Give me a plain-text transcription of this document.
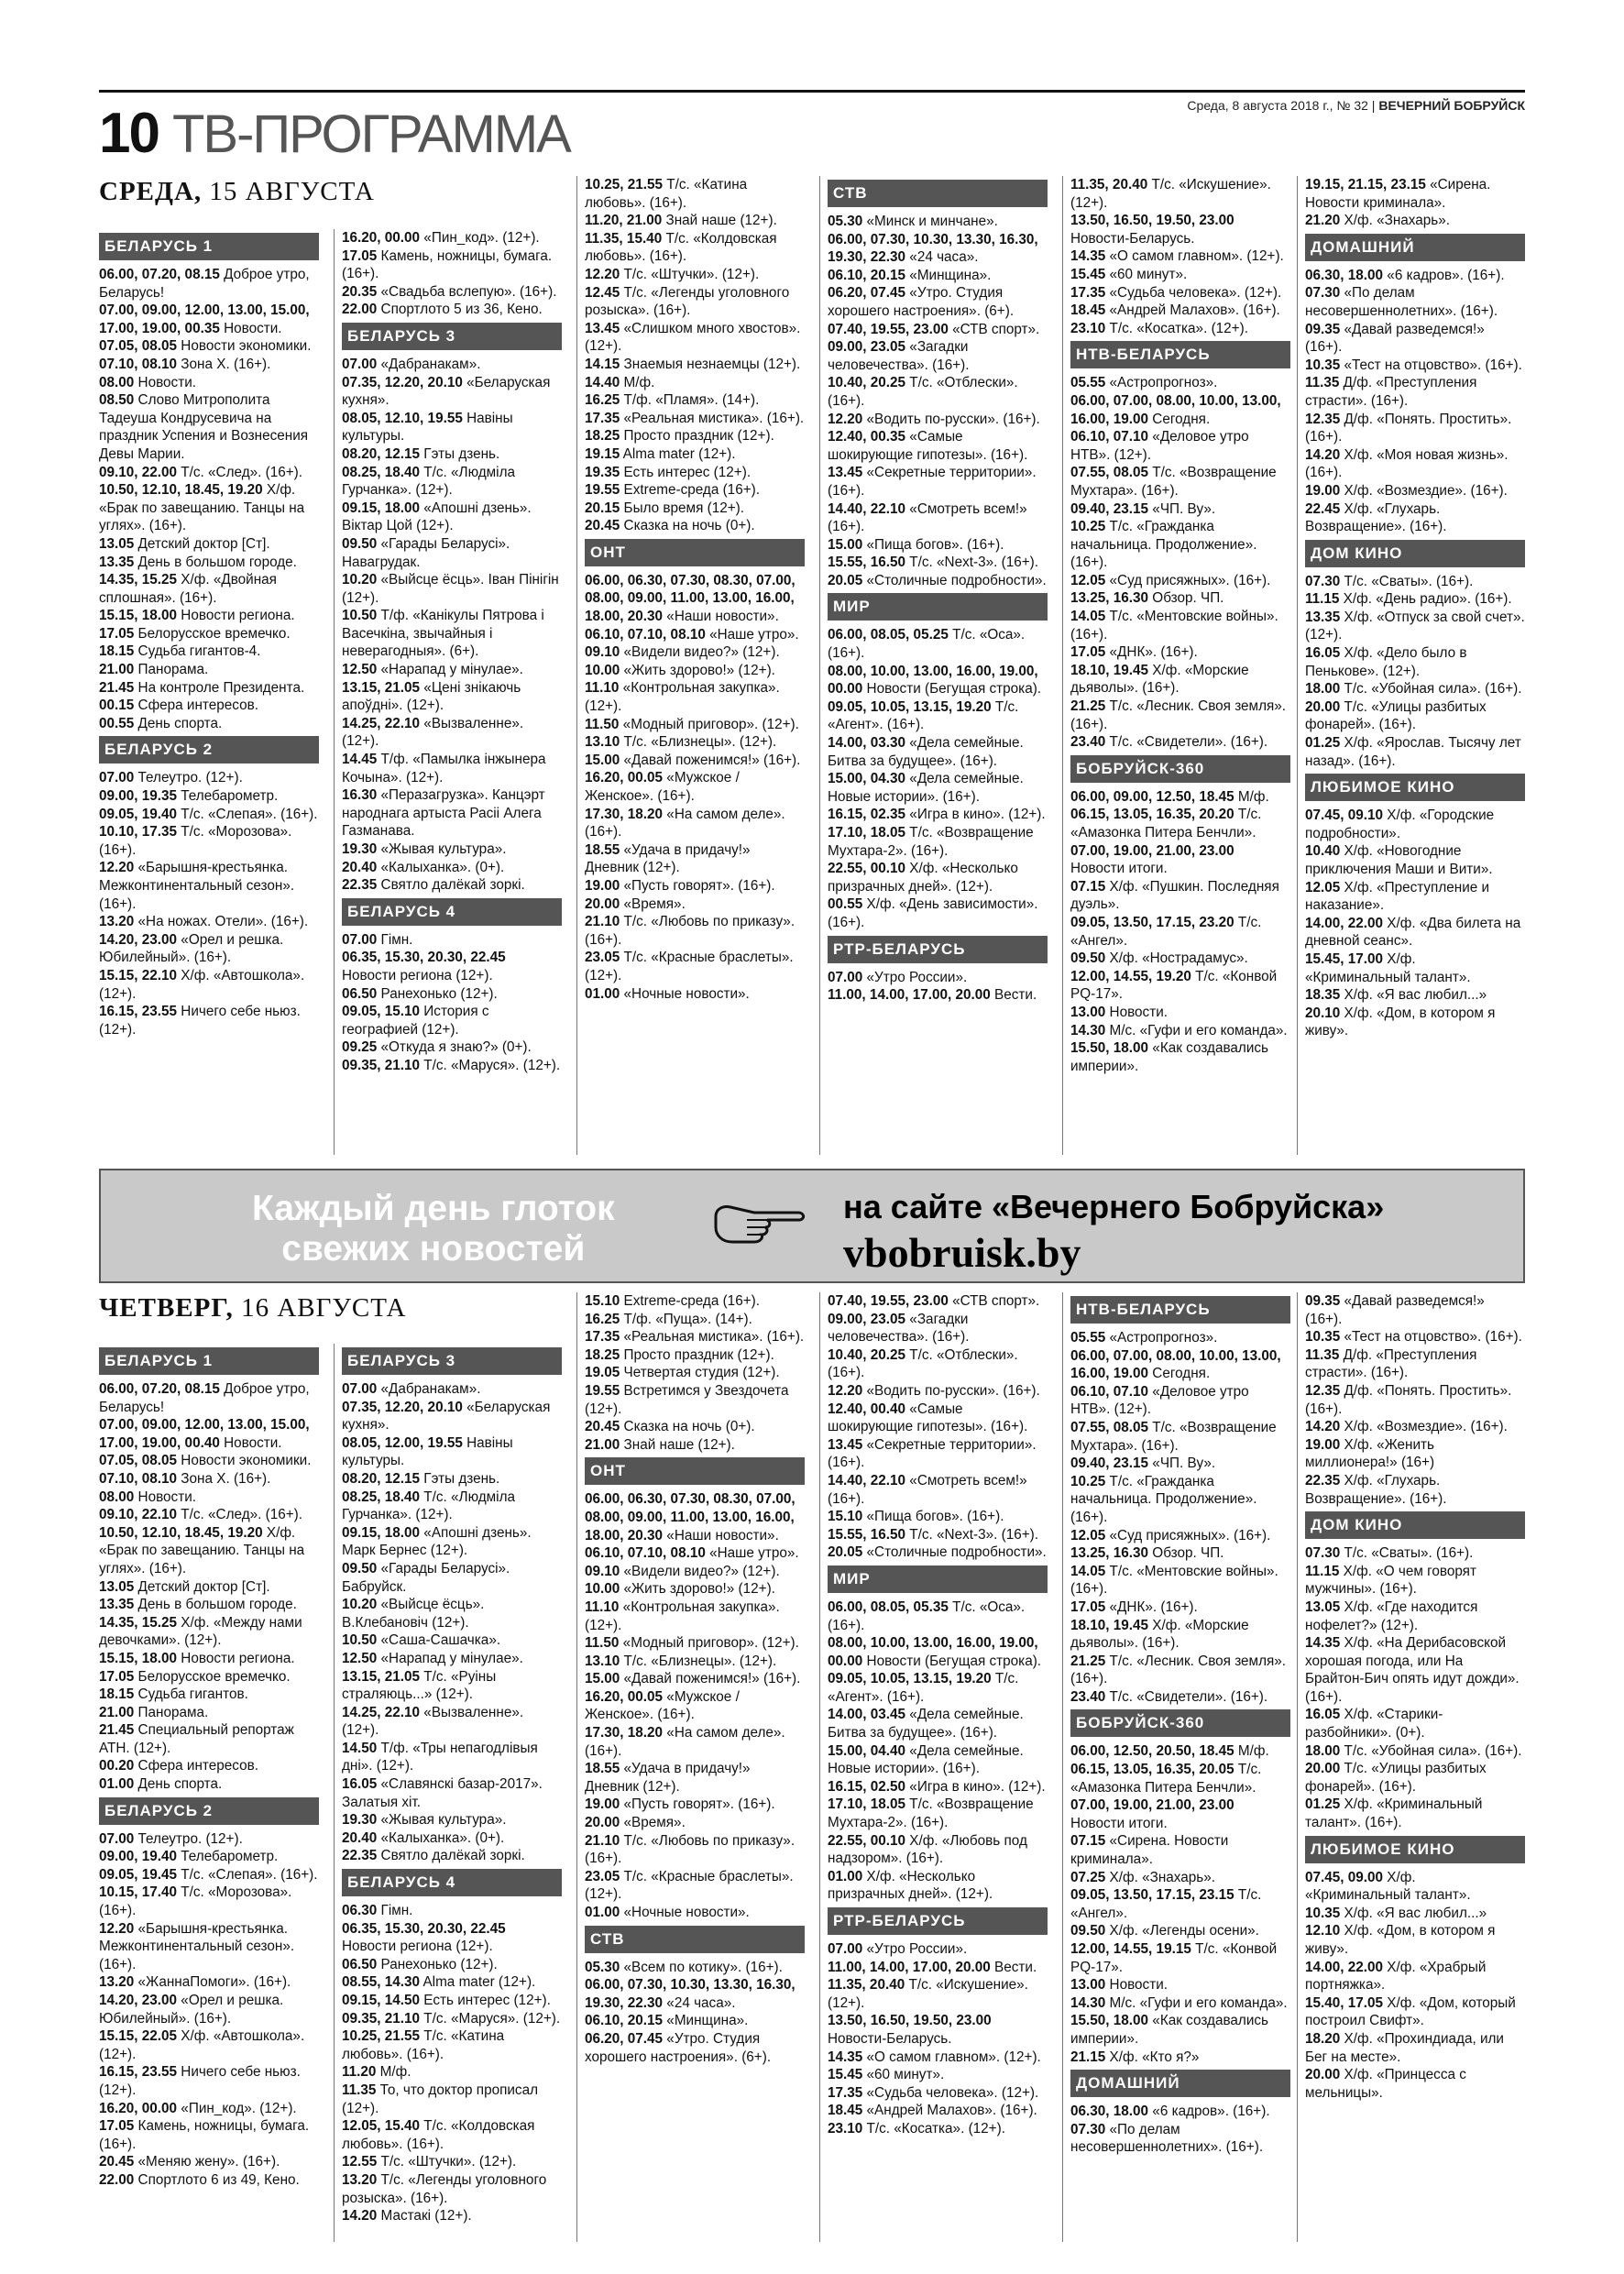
10 ТВ-ПРОГРАММА	Среда, 8 августа 2018 г., № 32 | ВЕЧЕРНИЙ БОБРУЙСК
СРЕДА, 15 АВГУСТА
ЧЕТВЕРГ, 16 АВГУСТА
БЕЛАРУСЬ 1
06.00, 07.20, 08.15 Доброе утро, Беларусь!
07.00, 09.00, 12.00, 13.00, 15.00, 17.00, 19.00, 00.35 Новости.
07.05, 08.05 Новости экономики.
07.10, 08.10 Зона Х. (16+).
08.00 Новости.
08.50 Слово Митрополита Тадеуша Кондрусевича на праздник Успения и Вознесения Девы Марии.
09.10, 22.00 Т/с. «След». (16+).
10.50, 12.10, 18.45, 19.20 Х/ф. «Брак по завещанию. Танцы на углях». (16+).
13.05 Детский доктор [Ст].
13.35 День в большом городе.
14.35, 15.25 Х/ф. «Двойная сплошная». (16+).
15.15, 18.00 Новости региона.
17.05 Белорусское времечко.
18.15 Судьба гигантов-4.
21.00 Панорама.
21.45 На контроле Президента.
00.15 Сфера интересов.
00.55 День спорта.
БЕЛАРУСЬ 2
07.00 Телеутро. (12+).
09.00, 19.35 Телебарометр.
09.05, 19.40 Т/с. «Слепая». (16+).
10.10, 17.35 Т/с. «Морозова». (16+).
12.20 «Барышня-крестьянка. Межконтинентальный сезон». (16+).
13.20 «На ножах. Отели». (16+).
14.20, 23.00 «Орел и решка. Юбилейный». (16+).
15.15, 22.10 Х/ф. «Автошкола». (12+).
16.15, 23.55 Ничего себе ньюз. (12+).
16.20, 00.00 «Пин_код». (12+).
17.05 Камень, ножницы, бумага. (16+).
20.35 «Свадьба вслепую». (16+).
22.00 Спортлото 5 из 36, Кено.
БЕЛАРУСЬ 3
07.00 «Дабранакам».
07.35, 12.20, 20.10 «Беларуская кухня».
08.05, 12.10, 19.55 Навіны культуры.
08.20, 12.15 Гэты дзень.
08.25, 18.40 Т/с. «Людміла Гурчанка». (12+).
09.15, 18.00 «Апошні дзень». Віктар Цой (12+).
09.50 «Гарады Беларусі». Навагрудак.
10.20 «Выйсце ёсць». Іван Пінігін (12+).
10.50 Т/ф. «Канікулы Пятрова і Васечкіна, звычайныя і неверагодныя». (6+).
12.50 «Нарапад у мінулае».
13.15, 21.05 «Цені знікаючь апоўдні». (12+).
14.25, 22.10 «Вызваленне». (12+).
14.45 Т/ф. «Памылка інжынера Кочына». (12+).
16.30 «Перазагрузка». Канцэрт народнага артыста Расіі Алега Газманава.
19.30 «Жывая культура».
20.40 «Калыханка». (0+).
22.35 Святло далёкай зоркі.
БЕЛАРУСЬ 4
07.00 Гімн.
06.35, 15.30, 20.30, 22.45 Новости региона (12+).
06.50 Ранехонько (12+).
09.05, 15.10 История с географией (12+).
09.25 «Откуда я знаю?» (0+).
09.35, 21.10 Т/с. «Маруся». (12+).
10.25, 21.55 Т/с. «Катина любовь». (16+).
11.20, 21.00 Знай наше (12+).
11.35, 15.40 Т/с. «Колдовская любовь». (16+).
12.20 Т/с. «Штучки». (12+).
12.45 Т/с. «Легенды уголовного розыска». (16+).
13.45 «Слишком много хвостов». (12+).
14.15 Знаемыя незнаемцы (12+).
14.40 М/ф.
16.25 Т/ф. «Пламя». (14+).
17.35 «Реальная мистика». (16+).
18.25 Просто праздник (12+).
19.15 Alma mater (12+).
19.35 Есть интерес (12+).
19.55 Extreme-среда (16+).
20.15 Было время (12+).
20.45 Сказка на ночь (0+).
ОНТ
06.00, 06.30, 07.30, 08.30, 07.00, 08.00, 09.00, 11.00, 13.00, 16.00, 18.00, 20.30 «Наши новости».
06.10, 07.10, 08.10 «Наше утро».
09.10 «Видели видео?» (12+).
10.00 «Жить здорово!» (12+).
11.10 «Контрольная закупка». (12+).
11.50 «Модный приговор». (12+).
13.10 Т/с. «Близнецы». (12+).
15.00 «Давай поженимся!» (16+).
16.20, 00.05 «Мужское / Женское». (16+).
17.30, 18.20 «На самом деле». (16+).
18.55 «Удача в придачу!» Дневник (12+).
19.00 «Пусть говорят». (16+).
20.00 «Время».
21.10 Т/с. «Любовь по приказу». (16+).
23.05 Т/с. «Красные браслеты». (12+).
01.00 «Ночные новости».
СТВ
05.30 «Минск и минчане».
06.00, 07.30, 10.30, 13.30, 16.30, 19.30, 22.30 «24 часа».
06.10, 20.15 «Минщина».
06.20, 07.45 «Утро. Студия хорошего настроения». (6+).
07.40, 19.55, 23.00 «СТВ спорт».
09.00, 23.05 «Загадки человечества». (16+).
10.40, 20.25 Т/с. «Отблески». (16+).
12.20 «Водить по-русски». (16+).
12.40, 00.35 «Самые шокирующие гипотезы». (16+).
13.45 «Секретные территории». (16+).
14.40, 22.10 «Смотреть всем!» (16+).
15.00 «Пища богов». (16+).
15.55, 16.50 Т/с. «Next-3». (16+).
20.05 «Столичные подробности».
МИР
06.00, 08.05, 05.25 Т/с. «Оса». (16+).
08.00, 10.00, 13.00, 16.00, 19.00, 00.00 Новости (Бегущая строка).
09.05, 10.05, 13.15, 19.20 Т/с. «Агент». (16+).
14.00, 03.30 «Дела семейные. Битва за будущее». (16+).
15.00, 04.30 «Дела семейные. Новые истории». (16+).
16.15, 02.35 «Игра в кино». (12+).
17.10, 18.05 Т/с. «Возвращение Мухтара-2». (16+).
22.55, 00.10 Х/ф. «Несколько призрачных дней». (12+).
00.55 Х/ф. «День зависимости». (16+).
РТР-БЕЛАРУСЬ
07.00 «Утро России».
11.00, 14.00, 17.00, 20.00 Вести.
11.35, 20.40 Т/с. «Искушение». (12+).
13.50, 16.50, 19.50, 23.00 Новости-Беларусь.
14.35 «О самом главном». (12+).
15.45 «60 минут».
17.35 «Судьба человека». (12+).
18.45 «Андрей Малахов». (16+).
23.10 Т/с. «Косатка». (12+).
НТВ-БЕЛАРУСЬ
05.55 «Астропрогноз».
06.00, 07.00, 08.00, 10.00, 13.00, 16.00, 19.00 Сегодня.
06.10, 07.10 «Деловое утро НТВ». (12+).
07.55, 08.05 Т/с. «Возвращение Мухтара». (16+).
09.40, 23.15 «ЧП. Ву».
10.25 Т/с. «Гражданка начальница. Продолжение». (16+).
12.05 «Суд присяжных». (16+).
13.25, 16.30 Обзор. ЧП.
14.05 Т/с. «Ментовские войны». (16+).
17.05 «ДНК». (16+).
18.10, 19.45 Х/ф. «Морские дьяволы». (16+).
21.25 Т/с. «Лесник. Своя земля». (16+).
23.40 Т/с. «Свидетели». (16+).
БОБРУЙСК-360
06.00, 09.00, 12.50, 18.45 М/ф.
06.15, 13.05, 16.35, 20.20 Т/с. «Амазонка Питера Бенчли».
07.00, 19.00, 21.00, 23.00 Новости итоги.
07.15 Х/ф. «Пушкин. Последняя дуэль».
09.05, 13.50, 17.15, 23.20 Т/с. «Ангел».
09.50 Х/ф. «Нострадамус».
12.00, 14.55, 19.20 Т/с. «Конвой PQ-17».
13.00 Новости.
14.30 М/с. «Гуфи и его команда».
15.50, 18.00 «Как создавались империи».
19.15, 21.15, 23.15 «Сирена. Новости криминала».
21.20 Х/ф. «Знахарь».
ДОМАШНИЙ
06.30, 18.00 «6 кадров». (16+).
07.30 «По делам несовершеннолетних». (16+).
09.35 «Давай разведемся!» (16+).
10.35 «Тест на отцовство». (16+).
11.35 Д/ф. «Преступления страсти». (16+).
12.35 Д/ф. «Понять. Простить». (16+).
14.20 Х/ф. «Моя новая жизнь». (16+).
19.00 Х/ф. «Возмездие». (16+).
22.45 Х/ф. «Глухарь. Возвращение». (16+).
ДОМ КИНО
07.30 Т/с. «Сваты». (16+).
11.15 Х/ф. «День радио». (16+).
13.35 Х/ф. «Отпуск за свой счет». (12+).
16.05 Х/ф. «Дело было в Пенькове». (12+).
18.00 Т/с. «Убойная сила». (16+).
20.00 Т/с. «Улицы разбитых фонарей». (16+).
01.25 Х/ф. «Ярослав. Тысячу лет назад». (16+).
ЛЮБИМОЕ КИНО
07.45, 09.10 Х/ф. «Городские подробности».
10.40 Х/ф. «Новогодние приключения Маши и Вити».
12.05 Х/ф. «Преступление и наказание».
14.00, 22.00 Х/ф. «Два билета на дневной сеанс».
15.45, 17.00 Х/ф. «Криминальный талант».
18.35 Х/ф. «Я вас любил...»
20.10 Х/ф. «Дом, в котором я живу».
Каждый день глоток
свежих новостей
на сайте «Вечернего Бобруйска»
vbobruisk.by
БЕЛАРУСЬ 1
06.00, 07.20, 08.15 Доброе утро, Беларусь!
07.00, 09.00, 12.00, 13.00, 15.00, 17.00, 19.00, 00.40 Новости.
07.05, 08.05 Новости экономики.
07.10, 08.10 Зона Х. (16+).
08.00 Новости.
09.10, 22.10 Т/с. «След». (16+).
10.50, 12.10, 18.45, 19.20 Х/ф. «Брак по завещанию. Танцы на углях». (16+).
13.05 Детский доктор [Ст].
13.35 День в большом городе.
14.35, 15.25 Х/ф. «Между нами девочками». (12+).
15.15, 18.00 Новости региона.
17.05 Белорусское времечко.
18.15 Судьба гигантов.
21.00 Панорама.
21.45 Специальный репортаж АТН. (12+).
00.20 Сфера интересов.
01.00 День спорта.
БЕЛАРУСЬ 2
07.00 Телеутро. (12+).
09.00, 19.40 Телебарометр.
09.05, 19.45 Т/с. «Слепая». (16+).
10.15, 17.40 Т/с. «Морозова». (16+).
12.20 «Барышня-крестьянка. Межконтинентальный сезон». (16+).
13.20 «ЖаннаПомоги». (16+).
14.20, 23.00 «Орел и решка. Юбилейный». (16+).
15.15, 22.05 Х/ф. «Автошкола». (12+).
16.15, 23.55 Ничего себе ньюз. (12+).
16.20, 00.00 «Пин_код». (12+).
17.05 Камень, ножницы, бумага. (16+).
20.45 «Меняю жену». (16+).
22.00 Спортлото 6 из 49, Кено.
БЕЛАРУСЬ 3
07.00 «Дабранакам».
07.35, 12.20, 20.10 «Беларуская кухня».
08.05, 12.00, 19.55 Навіны культуры.
08.20, 12.15 Гэты дзень.
08.25, 18.40 Т/с. «Людміла Гурчанка». (12+).
09.15, 18.00 «Апошні дзень». Марк Бернес (12+).
09.50 «Гарады Беларусі». Бабруйск.
10.20 «Выйсце ёсць». В.Клебановіч (12+).
10.50 «Саша-Сашачка».
12.50 «Нарапад у мінулае».
13.15, 21.05 Т/с. «Руіны страляюць...» (12+).
14.25, 22.10 «Вызваленне». (12+).
14.50 Т/ф. «Тры непагодлівыя дні». (12+).
16.05 «Славянскі базар-2017». Залатыя хіт.
19.30 «Жывая культура».
20.40 «Калыханка». (0+).
22.35 Святло далёкай зоркі.
БЕЛАРУСЬ 4
06.30 Гімн.
06.35, 15.30, 20.30, 22.45 Новости региона (12+).
06.50 Ранехонько (12+).
08.55, 14.30 Alma mater (12+).
09.15, 14.50 Есть интерес (12+).
09.35, 21.10 Т/с. «Маруся». (12+).
10.25, 21.55 Т/с. «Катина любовь». (16+).
11.20 М/ф.
11.35 То, что доктор прописал (12+).
12.05, 15.40 Т/с. «Колдовская любовь». (16+).
12.55 Т/с. «Штучки». (12+).
13.20 Т/с. «Легенды уголовного розыска». (16+).
14.20 Мастакі (12+).
15.10 Extreme-среда (16+).
16.25 Т/ф. «Пуща». (14+).
17.35 «Реальная мистика». (16+).
18.25 Просто праздник (12+).
19.05 Четвертая студия (12+).
19.55 Встретимся у Звездочета (12+).
20.45 Сказка на ночь (0+).
21.00 Знай наше (12+).
ОНТ
06.00, 06.30, 07.30, 08.30, 07.00, 08.00, 09.00, 11.00, 13.00, 16.00, 18.00, 20.30 «Наши новости».
06.10, 07.10, 08.10 «Наше утро».
09.10 «Видели видео?» (12+).
10.00 «Жить здорово!» (12+).
11.10 «Контрольная закупка». (12+).
11.50 «Модный приговор». (12+).
13.10 Т/с. «Близнецы». (12+).
15.00 «Давай поженимся!» (16+).
16.20, 00.05 «Мужское / Женское». (16+).
17.30, 18.20 «На самом деле». (16+).
18.55 «Удача в придачу!» Дневник (12+).
19.00 «Пусть говорят». (16+).
20.00 «Время».
21.10 Т/с. «Любовь по приказу». (16+).
23.05 Т/с. «Красные браслеты». (12+).
01.00 «Ночные новости».
СТВ
05.30 «Всем по котику». (16+).
06.00, 07.30, 10.30, 13.30, 16.30, 19.30, 22.30 «24 часа».
06.10, 20.15 «Минщина».
06.20, 07.45 «Утро. Студия хорошего настроения». (6+).
07.40, 19.55, 23.00 «СТВ спорт».
09.00, 23.05 «Загадки человечества». (16+).
10.40, 20.25 Т/с. «Отблески». (16+).
12.20 «Водить по-русски». (16+).
12.40, 00.40 «Самые шокирующие гипотезы». (16+).
13.45 «Секретные территории». (16+).
14.40, 22.10 «Смотреть всем!» (16+).
15.10 «Пища богов». (16+).
15.55, 16.50 Т/с. «Next-3». (16+).
20.05 «Столичные подробности».
МИР
06.00, 08.05, 05.35 Т/с. «Оса». (16+).
08.00, 10.00, 13.00, 16.00, 19.00, 00.00 Новости (Бегущая строка).
09.05, 10.05, 13.15, 19.20 Т/с. «Агент». (16+).
14.00, 03.45 «Дела семейные. Битва за будущее». (16+).
15.00, 04.40 «Дела семейные. Новые истории». (16+).
16.15, 02.50 «Игра в кино». (12+).
17.10, 18.05 Т/с. «Возвращение Мухтара-2». (16+).
22.55, 00.10 Х/ф. «Любовь под надзором». (16+).
01.00 Х/ф. «Несколько призрачных дней». (12+).
РТР-БЕЛАРУСЬ
07.00 «Утро России».
11.00, 14.00, 17.00, 20.00 Вести.
11.35, 20.40 Т/с. «Искушение». (12+).
13.50, 16.50, 19.50, 23.00 Новости-Беларусь.
14.35 «О самом главном». (12+).
15.45 «60 минут».
17.35 «Судьба человека». (12+).
18.45 «Андрей Малахов». (16+).
23.10 Т/с. «Косатка». (12+).
НТВ-БЕЛАРУСЬ
05.55 «Астропрогноз».
06.00, 07.00, 08.00, 10.00, 13.00, 16.00, 19.00 Сегодня.
06.10, 07.10 «Деловое утро НТВ». (12+).
07.55, 08.05 Т/с. «Возвращение Мухтара». (16+).
09.40, 23.15 «ЧП. Ву».
10.25 Т/с. «Гражданка начальница. Продолжение». (16+).
12.05 «Суд присяжных». (16+).
13.25, 16.30 Обзор. ЧП.
14.05 Т/с. «Ментовские войны». (16+).
17.05 «ДНК». (16+).
18.10, 19.45 Х/ф. «Морские дьяволы». (16+).
21.25 Т/с. «Лесник. Своя земля». (16+).
23.40 Т/с. «Свидетели». (16+).
БОБРУЙСК-360
06.00, 12.50, 20.50, 18.45 М/ф.
06.15, 13.05, 16.35, 20.05 Т/с. «Амазонка Питера Бенчли».
07.00, 19.00, 21.00, 23.00 Новости итоги.
07.15 «Сирена. Новости криминала».
07.25 Х/ф. «Знахарь».
09.05, 13.50, 17.15, 23.15 Т/с. «Ангел».
09.50 Х/ф. «Легенды осени».
12.00, 14.55, 19.15 Т/с. «Конвой PQ-17».
13.00 Новости.
14.30 М/с. «Гуфи и его команда».
15.50, 18.00 «Как создавались империи».
21.15 Х/ф. «Кто я?»
ДОМАШНИЙ
06.30, 18.00 «6 кадров». (16+).
07.30 «По делам несовершеннолетних». (16+).
09.35 «Давай разведемся!» (16+).
10.35 «Тест на отцовство». (16+).
11.35 Д/ф. «Преступления страсти». (16+).
12.35 Д/ф. «Понять. Простить». (16+).
14.20 Х/ф. «Возмездие». (16+).
19.00 Х/ф. «Женить миллионера!» (16+)
22.35 Х/ф. «Глухарь. Возвращение». (16+).
ДОМ КИНО
07.30 Т/с. «Сваты». (16+).
11.15 Х/ф. «О чем говорят мужчины». (16+).
13.05 Х/ф. «Где находится нофелет?» (12+).
14.35 Х/ф. «На Дерибасовской хорошая погода, или На Брайтон-Бич опять идут дожди». (16+).
16.05 Х/ф. «Старики-разбойники». (0+).
18.00 Т/с. «Убойная сила». (16+).
20.00 Т/с. «Улицы разбитых фонарей». (16+).
01.25 Х/ф. «Криминальный талант». (16+).
ЛЮБИМОЕ КИНО
07.45, 09.00 Х/ф. «Криминальный талант».
10.35 Х/ф. «Я вас любил...»
12.10 Х/ф. «Дом, в котором я живу».
14.00, 22.00 Х/ф. «Храбрый портняжка».
15.40, 17.05 Х/ф. «Дом, который построил Свифт».
18.20 Х/ф. «Прохиндиада, или Бег на месте».
20.00 Х/ф. «Принцесса с мельницы».
